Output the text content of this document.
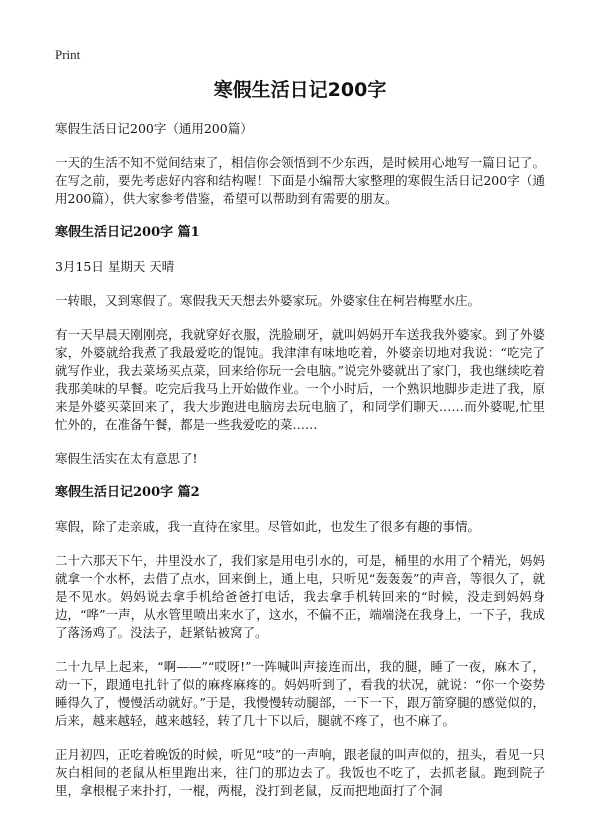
Print
寒假生活日记200字

寒假生活日记200字（通用200篇）

一天的生活不知不觉间结束了，相信你会领悟到不少东西，是时候用心地写一篇日记了。在写之前，要先考虑好内容和结构喔！下面是小编帮大家整理的寒假生活日记200字（通用200篇），供大家参考借鉴，希望可以帮助到有需要的朋友。

寒假生活日记200字 篇1

3月15日 星期天 天晴

一转眼，又到寒假了。寒假我天天想去外婆家玩。外婆家住在柯岩梅墅水庄。

有一天早晨天刚刚亮，我就穿好衣服，洗脸刷牙，就叫妈妈开车送我我外婆家。到了外婆家，外婆就给我煮了我最爱吃的馄饨。我津津有味地吃着，外婆亲切地对我说：“吃完了就写作业，我去菜场买点菜，回来给你玩一会电脑。”说完外婆就出了家门，我也继续吃着我那美味的早餐。吃完后我马上开始做作业。一个小时后，一个熟识地脚步走进了我，原来是外婆买菜回来了，我大步跑进电脑房去玩电脑了，和同学们聊天……而外婆呢,忙里忙外的，在准备午餐，都是一些我爱吃的菜……

寒假生活实在太有意思了!

寒假生活日记200字 篇2

寒假，除了走亲戚，我一直待在家里。尽管如此，也发生了很多有趣的事情。

二十六那天下午，井里没水了，我们家是用电引水的，可是，桶里的水用了个精光，妈妈就拿一个水杯，去借了点水，回来倒上，通上电，只听见“轰轰轰”的声音，等很久了，就是不见水。妈妈说去拿手机给爸爸打电话，我去拿手机转回来的“时候，没走到妈妈身边，“哗”一声，从水管里喷出来水了，这水，不偏不正，端端浇在我身上，一下子，我成了落汤鸡了。没法子，赶紧钻被窝了。

二十九早上起来，“啊——”“哎呀!”一阵喊叫声接连而出，我的腿，睡了一夜，麻木了，动一下，跟通电扎针了似的麻疼麻疼的。妈妈听到了，看我的状况，就说：“你一个姿势睡得久了，慢慢活动就好。”于是，我慢慢转动腿部，一下一下，跟万箭穿腿的感觉似的，后来，越来越轻，越来越轻，转了几十下以后，腿就不疼了，也不麻了。

正月初四，正吃着晚饭的时候，听见“吱”的一声响，跟老鼠的叫声似的，扭头，看见一只灰白相间的老鼠从柜里跑出来，往门的那边去了。我饭也不吃了，去抓老鼠。跑到院子里，拿根棍子来扑打，一棍，两棍，没打到老鼠，反而把地面打了个洞
